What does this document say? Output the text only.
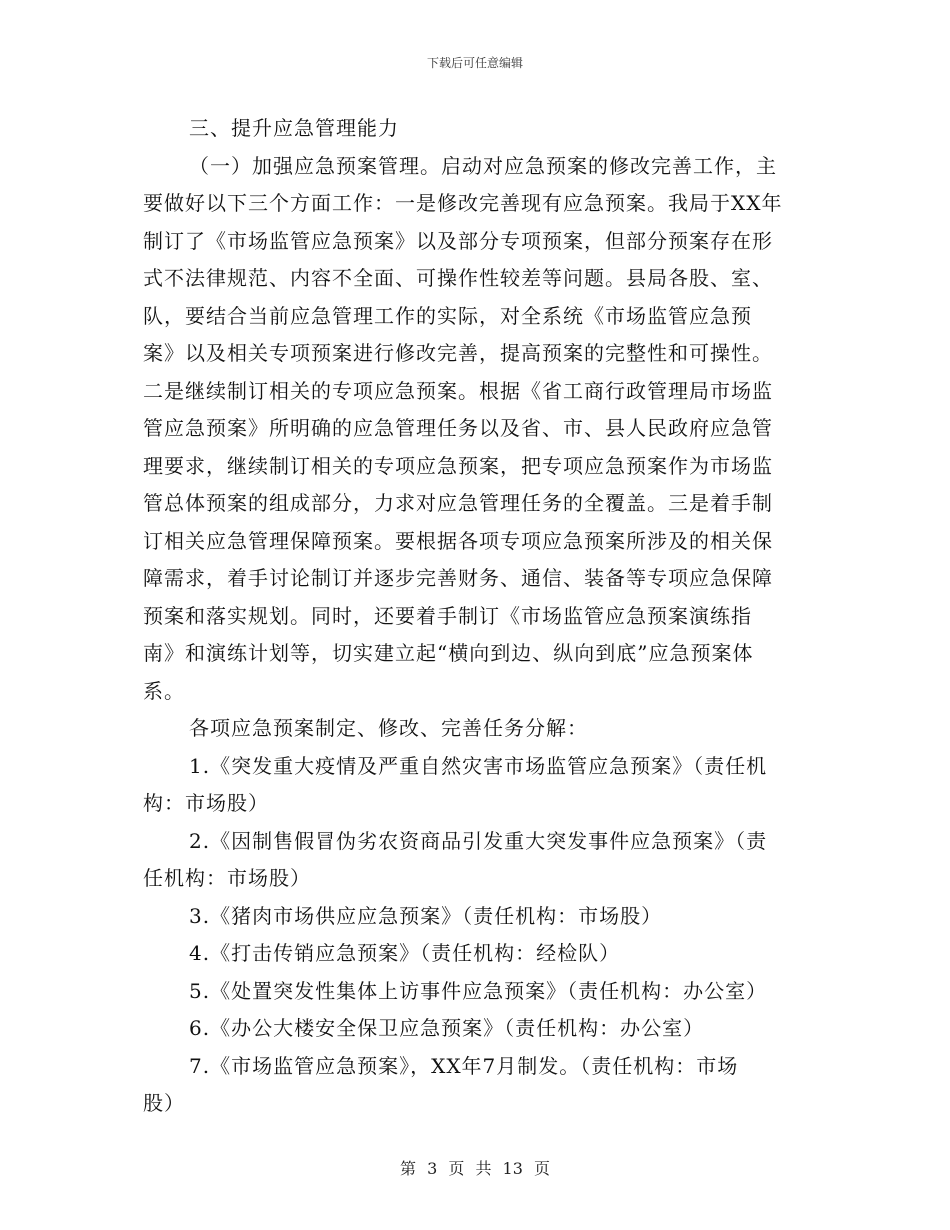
下载后可任意编辑
三、提升应急管理能力
（一）加强应急预案管理。启动对应急预案的修改完善工作，主
要做好以下三个方面工作：一是修改完善现有应急预案。我局于XX年
制订了《市场监管应急预案》以及部分专项预案，但部分预案存在形
式不法律规范、内容不全面、可操作性较差等问题。县局各股、室、
队，要结合当前应急管理工作的实际，对全系统《市场监管应急预
案》以及相关专项预案进行修改完善，提高预案的完整性和可操性。
二是继续制订相关的专项应急预案。根据《省工商行政管理局市场监
管应急预案》所明确的应急管理任务以及省、市、县人民政府应急管
理要求，继续制订相关的专项应急预案，把专项应急预案作为市场监
管总体预案的组成部分，力求对应急管理任务的全覆盖。三是着手制
订相关应急管理保障预案。要根据各项专项应急预案所涉及的相关保
障需求，着手讨论制订并逐步完善财务、通信、装备等专项应急保障
预案和落实规划。同时，还要着手制订《市场监管应急预案演练指
南》和演练计划等，切实建立起“横向到边、纵向到底”应急预案体
系。
各项应急预案制定、修改、完善任务分解：
1.《突发重大疫情及严重自然灾害市场监管应急预案》（责任机
构：市场股）
2.《因制售假冒伪劣农资商品引发重大突发事件应急预案》（责
任机构：市场股）
3.《猪肉市场供应应急预案》（责任机构：市场股）
4.《打击传销应急预案》（责任机构：经检队）
5.《处置突发性集体上访事件应急预案》（责任机构：办公室）
6.《办公大楼安全保卫应急预案》（责任机构：办公室）
7.《市场监管应急预案》，XX年7月制发。（责任机构：市场
股）
第 3 页 共 13 页
